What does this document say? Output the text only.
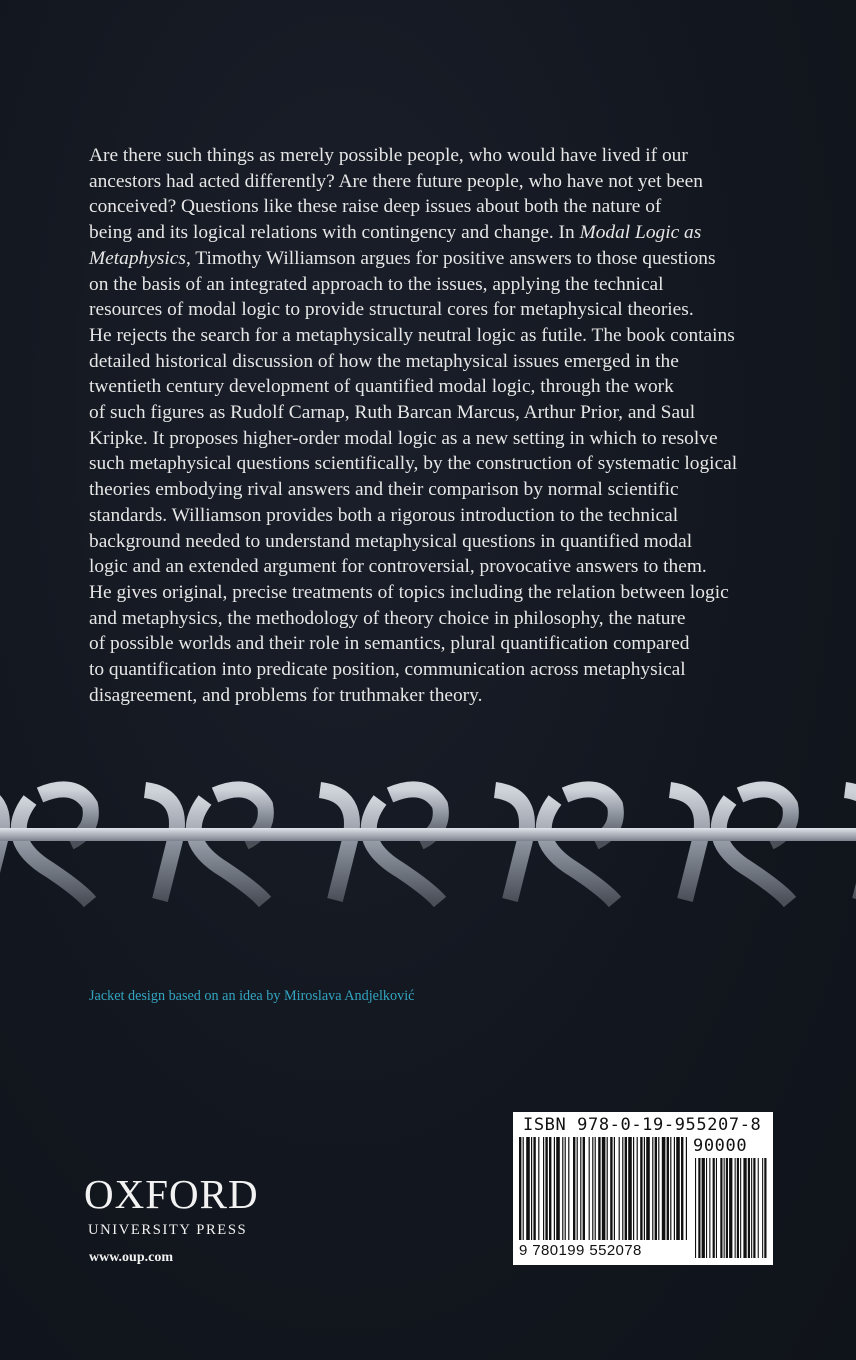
Are there such things as merely possible people, who would have lived if our
ancestors had acted differently? Are there future people, who have not yet been
conceived? Questions like these raise deep issues about both the nature of
being and its logical relations with contingency and change. In Modal Logic as
Metaphysics, Timothy Williamson argues for positive answers to those questions
on the basis of an integrated approach to the issues, applying the technical
resources of modal logic to provide structural cores for metaphysical theories.
He rejects the search for a metaphysically neutral logic as futile. The book contains
detailed historical discussion of how the metaphysical issues emerged in the
twentieth century development of quantified modal logic, through the work
of such figures as Rudolf Carnap, Ruth Barcan Marcus, Arthur Prior, and Saul
Kripke. It proposes higher-order modal logic as a new setting in which to resolve
such metaphysical questions scientifically, by the construction of systematic logical
theories embodying rival answers and their comparison by normal scientific
standards. Williamson provides both a rigorous introduction to the technical
background needed to understand metaphysical questions in quantified modal
logic and an extended argument for controversial, provocative answers to them.
He gives original, precise treatments of topics including the relation between logic
and metaphysics, the methodology of theory choice in philosophy, the nature
of possible worlds and their role in semantics, plural quantification compared
to quantification into predicate position, communication across metaphysical
disagreement, and problems for truthmaker theory.
Jacket design based on an idea by Miroslava Andjelković
OXFORD
UNIVERSITY PRESS
www.oup.com
ISBN 978-0-19-955207-8
90000
9 780199 552078
